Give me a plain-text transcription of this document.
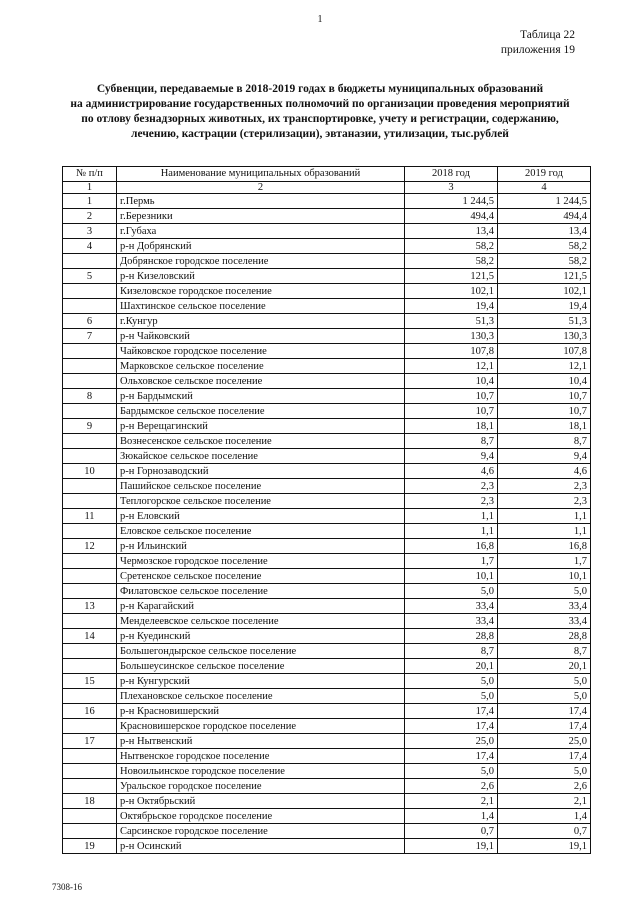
1
Таблица 22
приложения 19
Субвенции, передаваемые в 2018-2019 годах в бюджеты муниципальных образований
на администрирование государственных полномочий по организации проведения мероприятий
по отлову безнадзорных животных, их транспортировке, учету и регистрации, содержанию,
лечению, кастрации (стерилизации), эвтаназии, утилизации, тыс.рублей
№ п/п	Наименование муниципальных образований	2018 год	2019 год
1	2	3	4
1	г.Пермь	1 244,5	1 244,5
2	г.Березники	494,4	494,4
3	г.Губаха	13,4	13,4
4	р-н Добрянский	58,2	58,2
	Добрянское городское поселение	58,2	58,2
5	р-н Кизеловский	121,5	121,5
	Кизеловское городское поселение	102,1	102,1
	Шахтинское сельское поселение	19,4	19,4
6	г.Кунгур	51,3	51,3
7	р-н Чайковский	130,3	130,3
	Чайковское городское поселение	107,8	107,8
	Марковское сельское поселение	12,1	12,1
	Ольховское сельское поселение	10,4	10,4
8	р-н Бардымский	10,7	10,7
	Бардымское сельское поселение	10,7	10,7
9	р-н Верещагинский	18,1	18,1
	Вознесенское сельское поселение	8,7	8,7
	Зюкайское сельское поселение	9,4	9,4
10	р-н Горнозаводский	4,6	4,6
	Пашийское сельское поселение	2,3	2,3
	Теплогорское сельское поселение	2,3	2,3
11	р-н Еловский	1,1	1,1
	Еловское сельское поселение	1,1	1,1
12	р-н Ильинский	16,8	16,8
	Чермозское городское поселение	1,7	1,7
	Сретенское сельское поселение	10,1	10,1
	Филатовское сельское поселение	5,0	5,0
13	р-н Карагайский	33,4	33,4
	Менделеевское сельское поселение	33,4	33,4
14	р-н Куединский	28,8	28,8
	Большегондырское сельское поселение	8,7	8,7
	Большеусинское сельское поселение	20,1	20,1
15	р-н Кунгурский	5,0	5,0
	Плехановское сельское поселение	5,0	5,0
16	р-н Красновишерский	17,4	17,4
	Красновишерское городское поселение	17,4	17,4
17	р-н Нытвенский	25,0	25,0
	Нытвенское городское поселение	17,4	17,4
	Новоильинское городское поселение	5,0	5,0
	Уральское городское поселение	2,6	2,6
18	р-н Октябрьский	2,1	2,1
	Октябрьское городское поселение	1,4	1,4
	Сарсинское городское поселение	0,7	0,7
19	р-н Осинский	19,1	19,1
7308-16
